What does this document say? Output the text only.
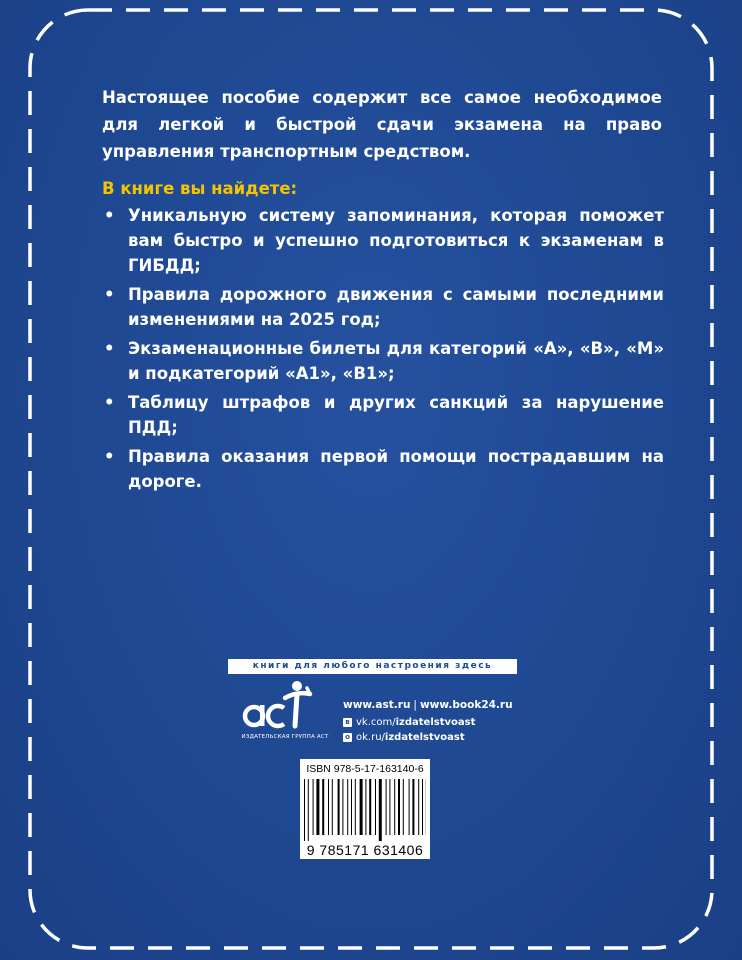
Настоящее пособие содержит все самое необходимое для легкой и быстрой сдачи экзамена на право управления транспортным средством.
В книге вы найдете:
• Уникальную систему запоминания, которая поможет вам быстро и успешно подготовиться к экзаменам в ГИБДД;
• Правила дорожного движения с самыми последними изменениями на 2025 год;
• Экзаменационные билеты для категорий «А», «В», «М» и подкатегорий «А1», «В1»;
• Таблицу штрафов и других санкций за нарушение ПДД;
• Правила оказания первой помощи пострадавшим на дороге.
книги для любого настроения здесь
ИЗДАТЕЛЬСКАЯ ГРУППА АСТ
www.ast.ru | www.book24.ru
в vk.com/ izdatelstvoast
о ok.ru/ izdatelstvoast
ISBN 978-5-17-163140-6
9 785171 631406
